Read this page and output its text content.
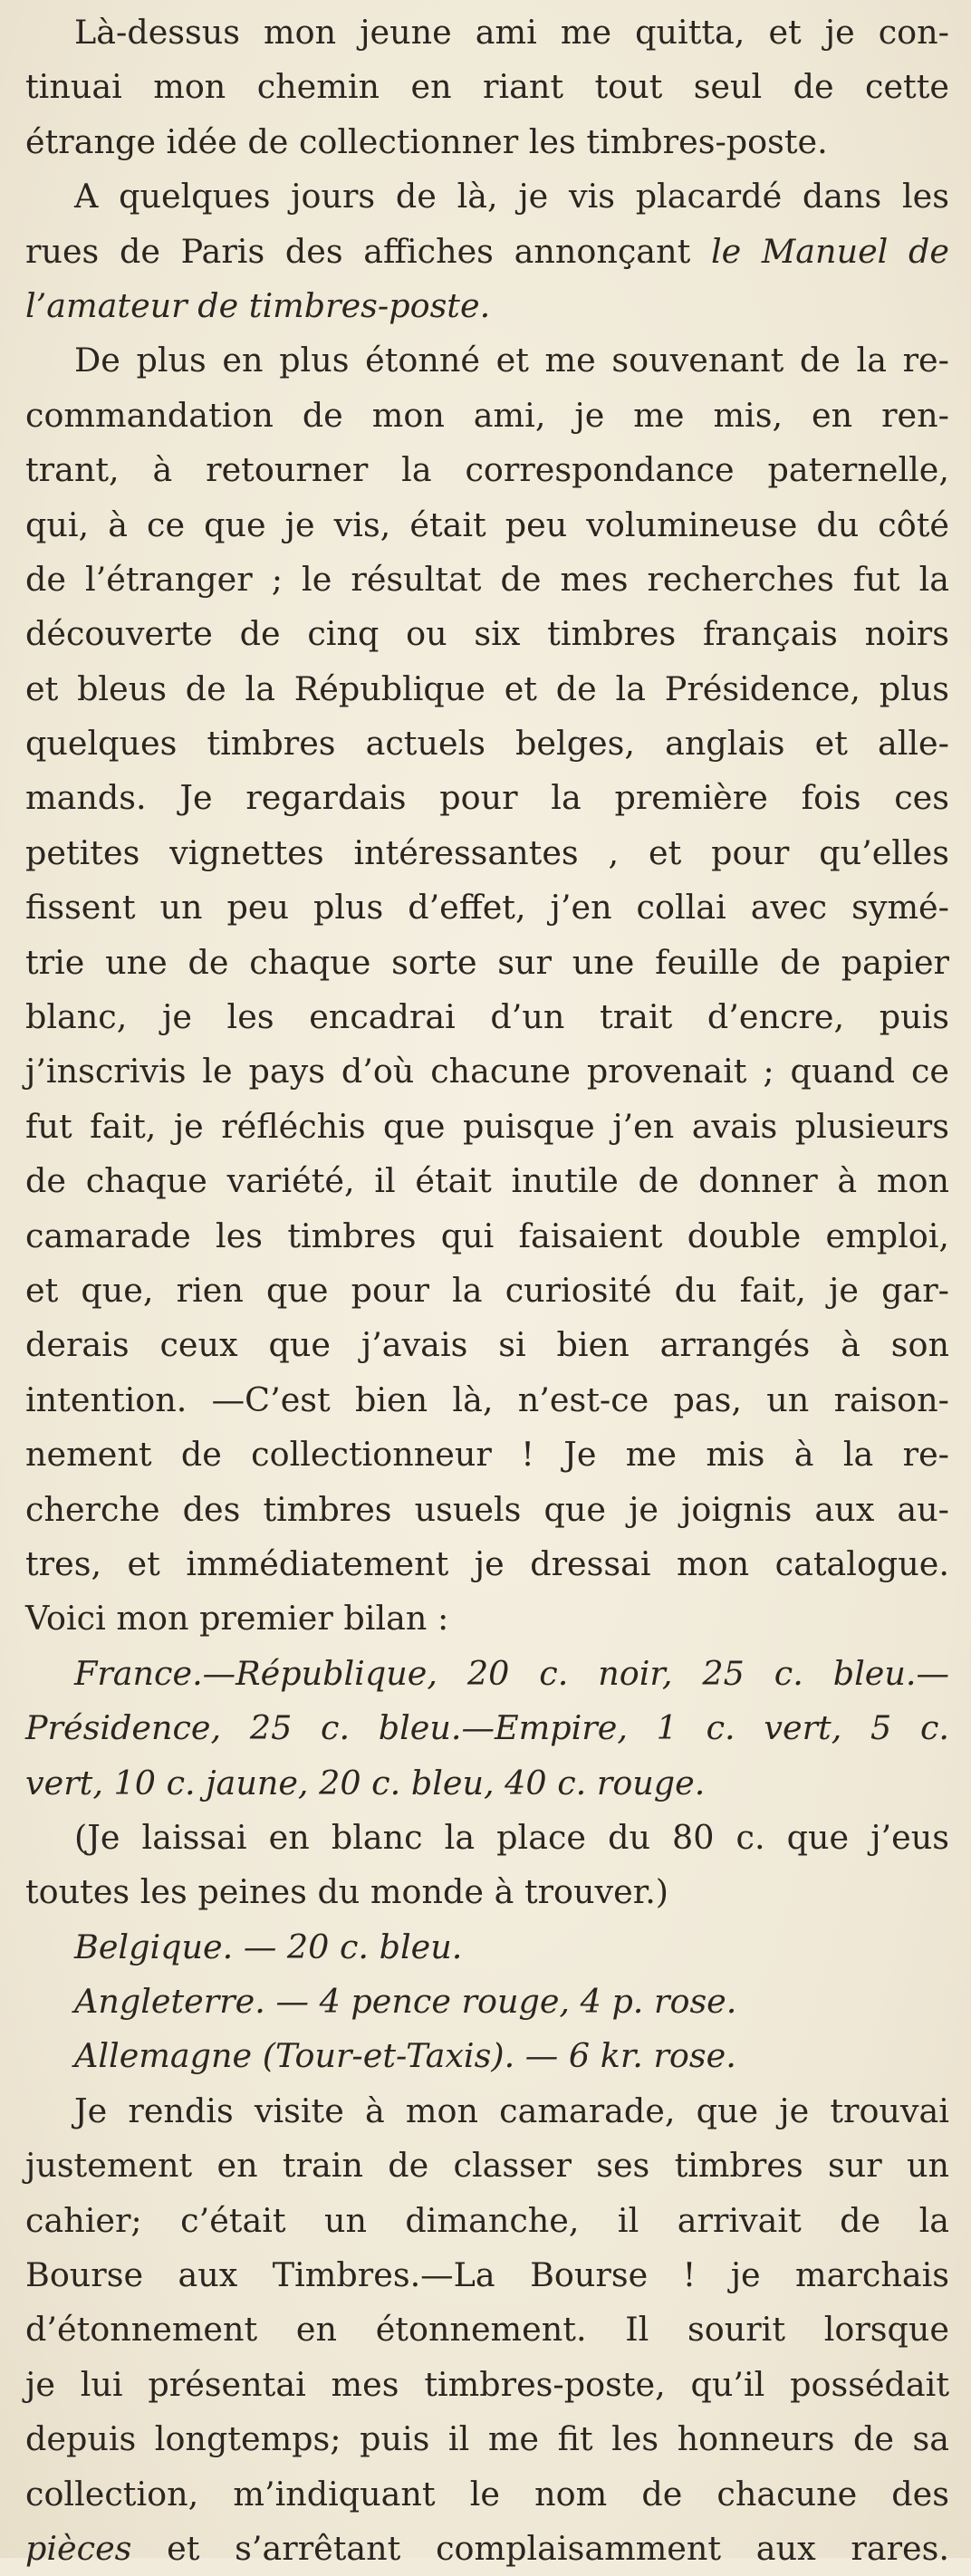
Là-dessus mon jeune ami me quitta, et je con-
tinuai mon chemin en riant tout seul de cette
étrange idée de collectionner les timbres-poste.
A quelques jours de là, je vis placardé dans les
rues de Paris des affiches annonçant le Manuel de
l’amateur de timbres-poste.
De plus en plus étonné et me souvenant de la re-
commandation de mon ami, je me mis, en ren-
trant, à retourner la correspondance paternelle,
qui, à ce que je vis, était peu volumineuse du côté
de l’étranger ; le résultat de mes recherches fut la
découverte de cinq ou six timbres français noirs
et bleus de la République et de la Présidence, plus
quelques timbres actuels belges, anglais et alle-
mands. Je regardais pour la première fois ces
petites vignettes intéressantes , et pour qu’elles
fissent un peu plus d’effet, j’en collai avec symé-
trie une de chaque sorte sur une feuille de papier
blanc, je les encadrai d’un trait d’encre, puis
j’inscrivis le pays d’où chacune provenait ; quand ce
fut fait, je réfléchis que puisque j’en avais plusieurs
de chaque variété, il était inutile de donner à mon
camarade les timbres qui faisaient double emploi,
et que, rien que pour la curiosité du fait, je gar-
derais ceux que j’avais si bien arrangés à son
intention. —C’est bien là, n’est-ce pas, un raison-
nement de collectionneur ! Je me mis à la re-
cherche des timbres usuels que je joignis aux au-
tres, et immédiatement je dressai mon catalogue.
Voici mon premier bilan :
France.—République, 20 c. noir, 25 c. bleu.—
Présidence, 25 c. bleu.—Empire, 1 c. vert, 5 c.
vert, 10 c. jaune, 20 c. bleu, 40 c. rouge.
(Je laissai en blanc la place du 80 c. que j’eus
toutes les peines du monde à trouver.)
Belgique. — 20 c. bleu.
Angleterre. — 4 pence rouge, 4 p. rose.
Allemagne (Tour-et-Taxis). — 6 kr. rose.
Je rendis visite à mon camarade, que je trouvai
justement en train de classer ses timbres sur un
cahier; c’était un dimanche, il arrivait de la
Bourse aux Timbres.—La Bourse ! je marchais
d’étonnement en étonnement. Il sourit lorsque
je lui présentai mes timbres-poste, qu’il possédait
depuis longtemps; puis il me fit les honneurs de sa
collection, m’indiquant le nom de chacune des
pièces et s’arrêtant complaisamment aux rares.
